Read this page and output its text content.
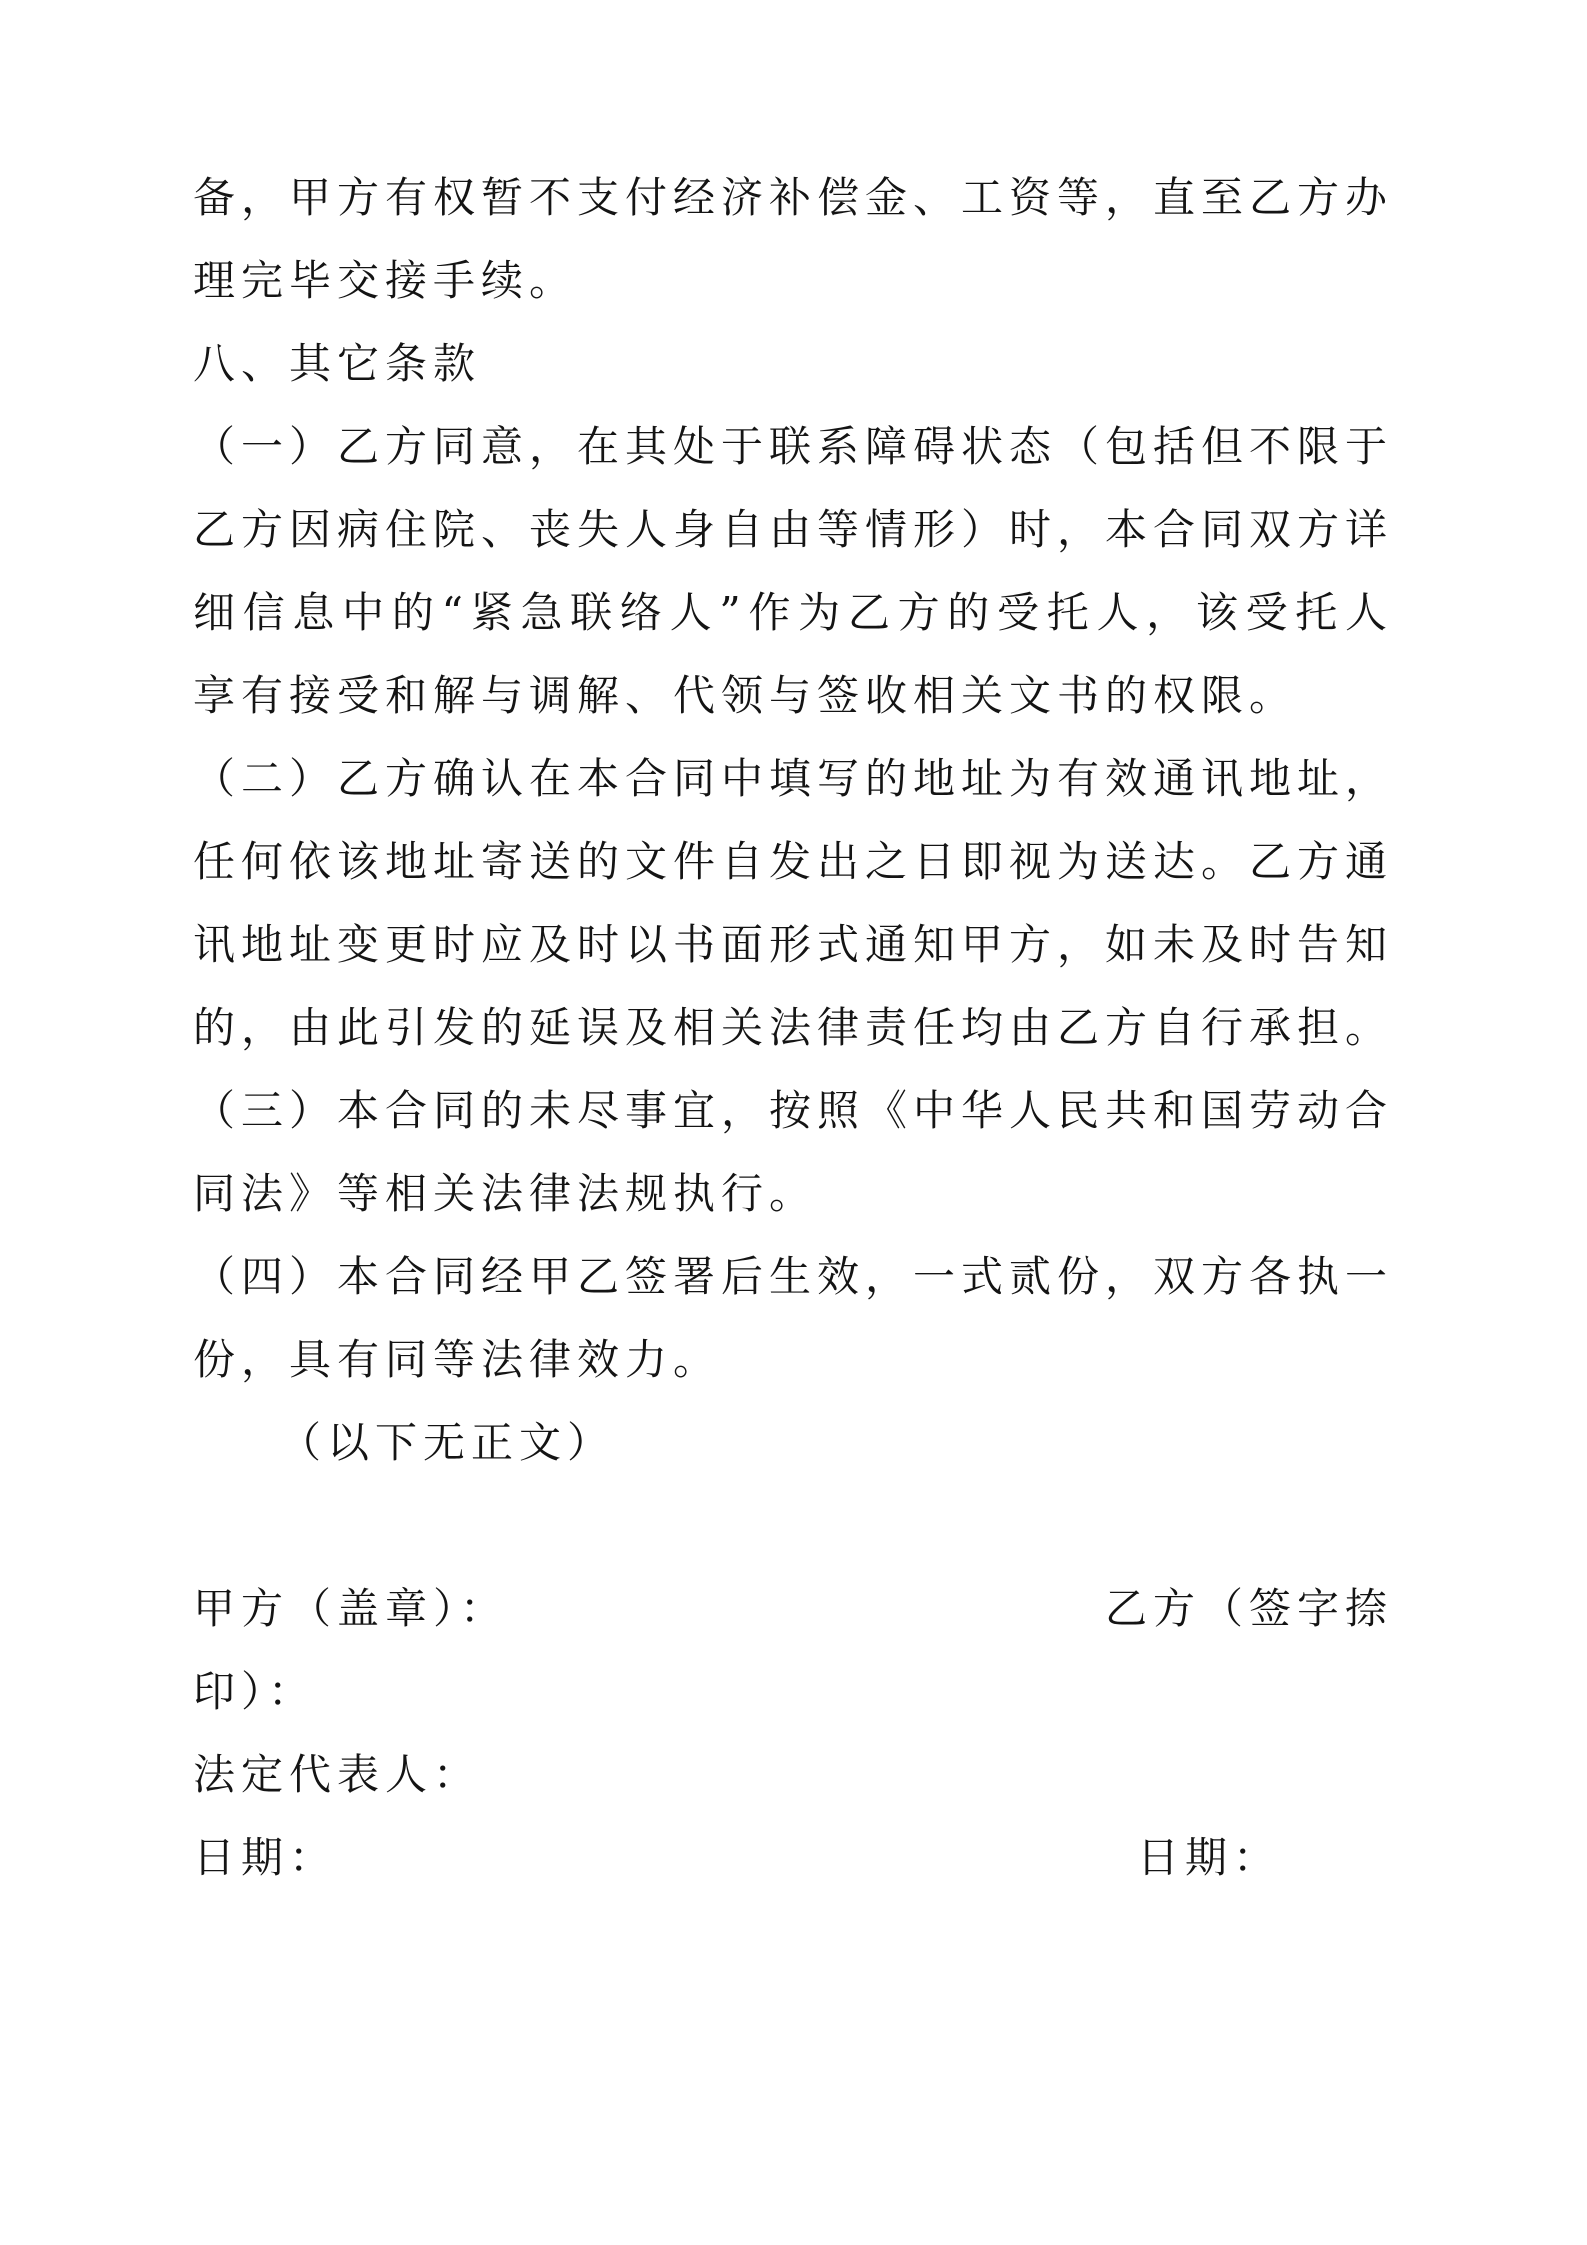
备，甲方有权暂不支付经济补偿金、工资等，直至乙方办
理完毕交接手续。
八、其它条款
（一）乙方同意，在其处于联系障碍状态（包括但不限于
乙方因病住院、丧失人身自由等情形）时，本合同双方详
细信息中的“紧急联络人”作为乙方的受托人，该受托人
享有接受和解与调解、代领与签收相关文书的权限。
（二）乙方确认在本合同中填写的地址为有效通讯地址，
任何依该地址寄送的文件自发出之日即视为送达。乙方通
讯地址变更时应及时以书面形式通知甲方，如未及时告知
的，由此引发的延误及相关法律责任均由乙方自行承担。
（三）本合同的未尽事宜，按照《中华人民共和国劳动合
同法》等相关法律法规执行。
（四）本合同经甲乙签署后生效，一式贰份，双方各执一
份，具有同等法律效力。
（以下无正文）
甲方（盖章）：	乙方（签字捺
印）：
法定代表人：
日期：	日期：
